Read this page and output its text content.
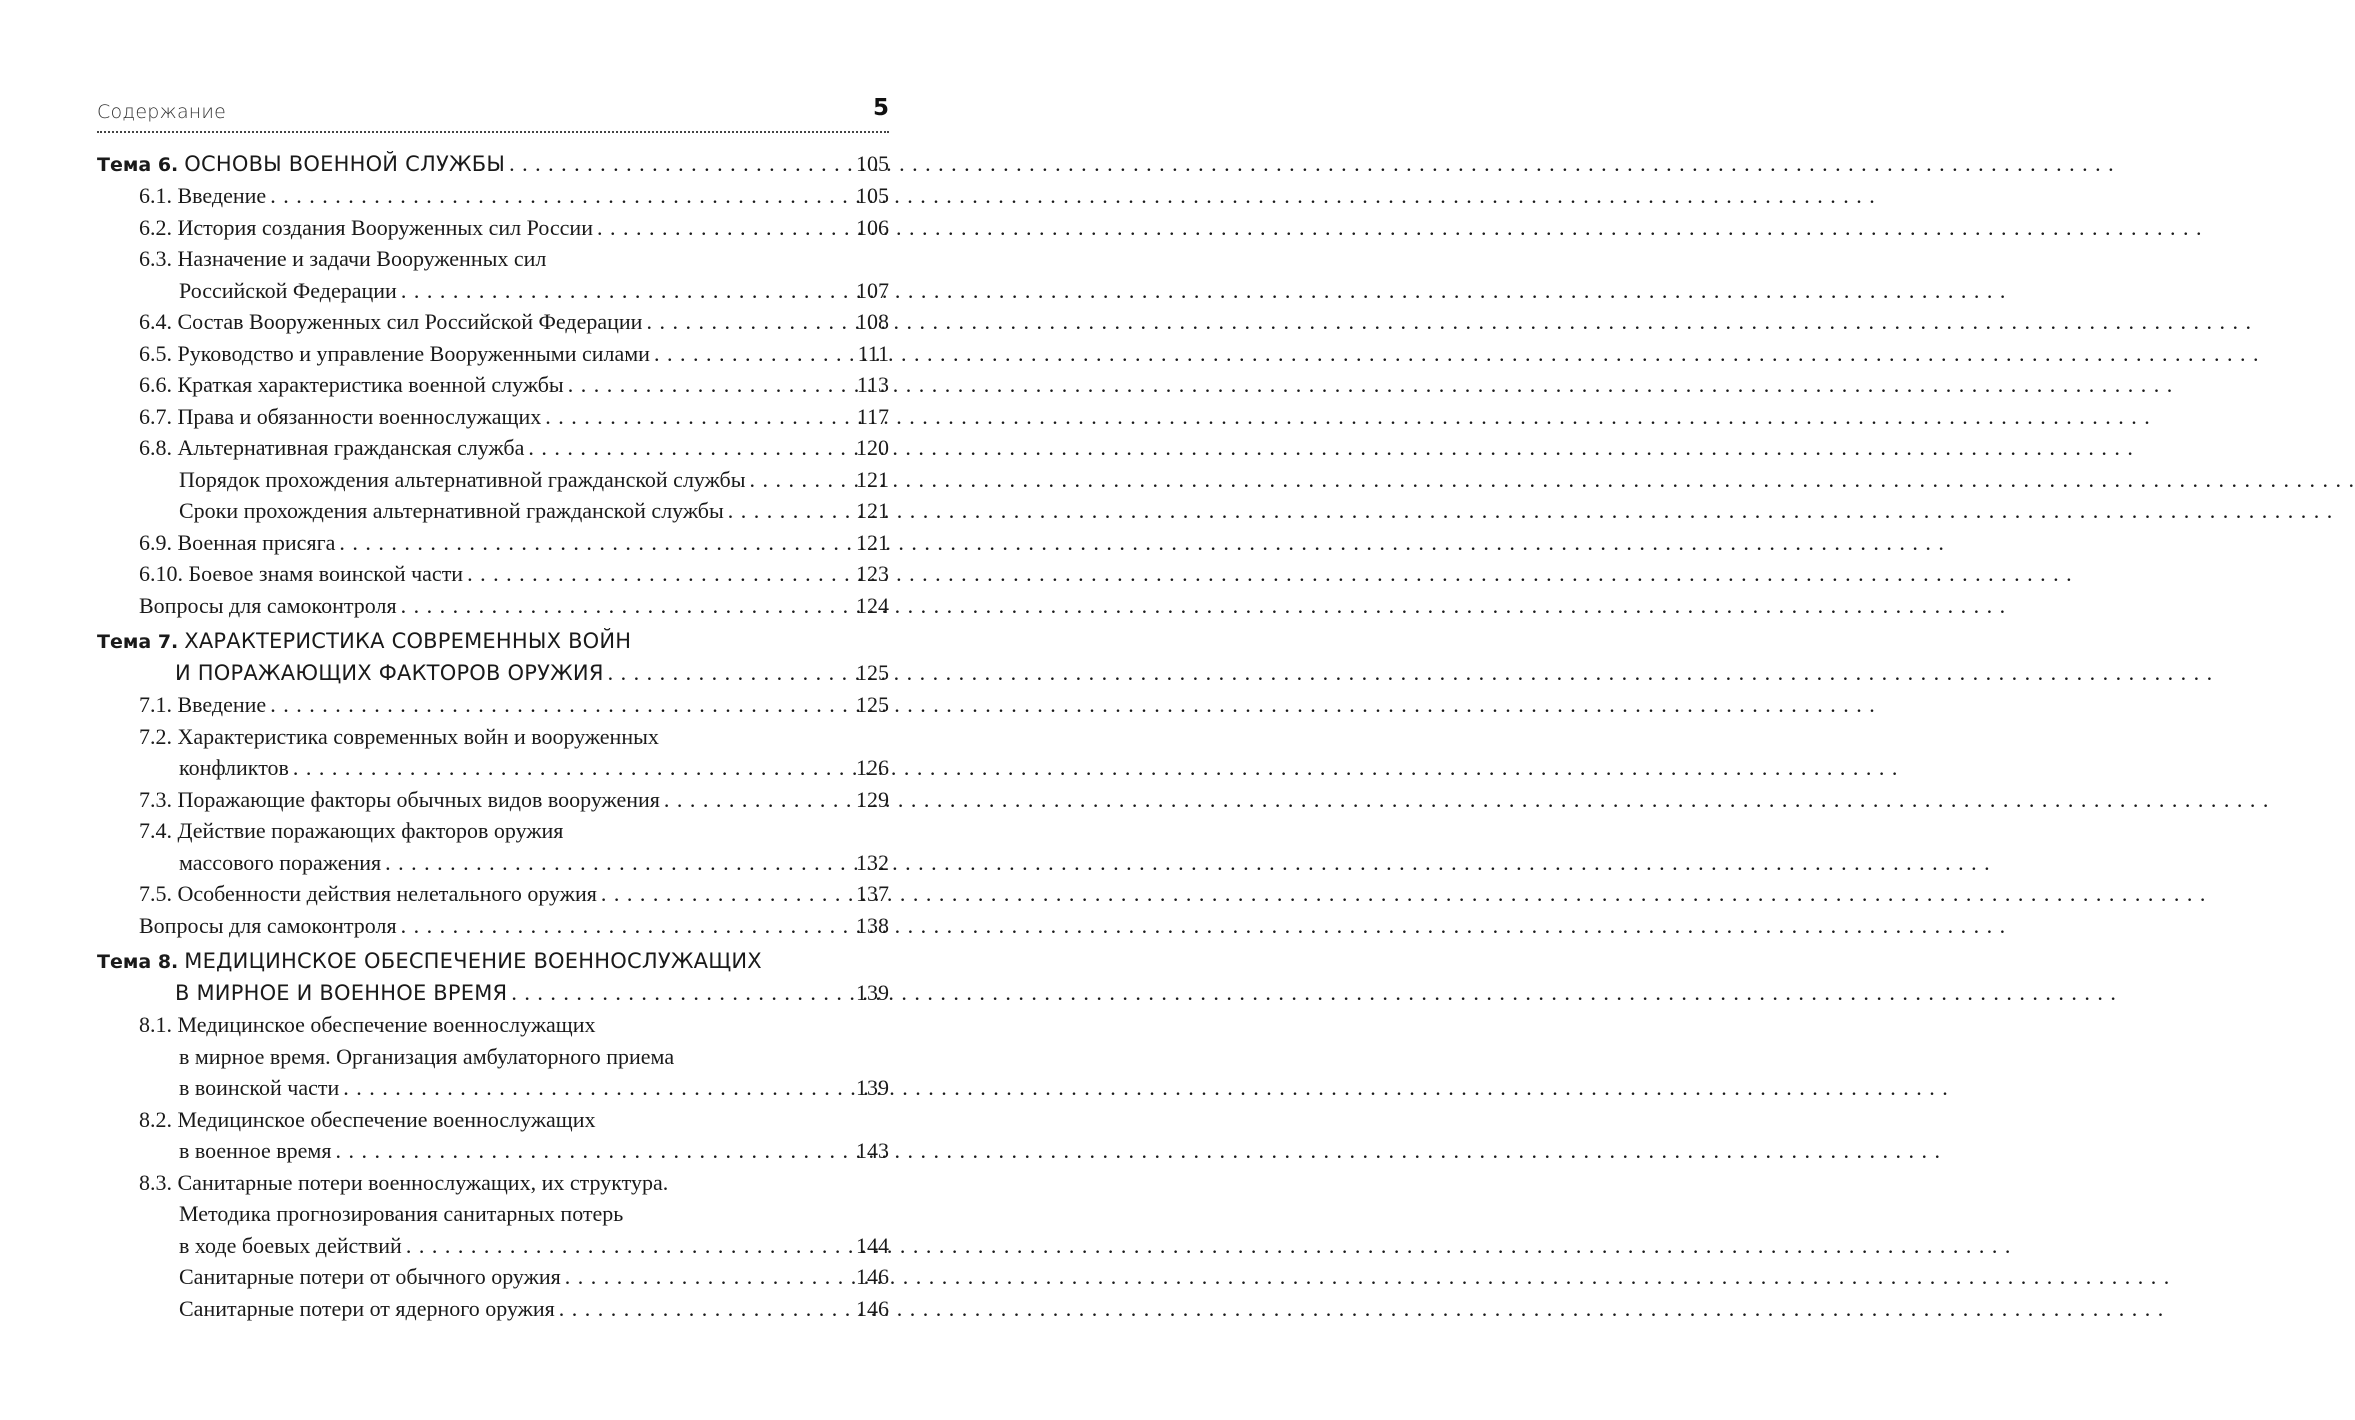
Содержание	5
Тема 6. ОСНОВЫ ВОЕННОЙ СЛУЖБЫ . . .	105
6.1. Введение . . .	105
6.2. История создания Вооруженных сил России . . .	106
6.3. Назначение и задачи Вооруженных сил
Российской Федерации . . .	107
6.4. Состав Вооруженных сил Российской Федерации . . .	108
6.5. Руководство и управление Вооруженными силами . . .	111
6.6. Краткая характеристика военной службы . . .	113
6.7. Права и обязанности военнослужащих . . .	117
6.8. Альтернативная гражданская служба . . .	120
Порядок прохождения альтернативной гражданской службы . . .	121
Сроки прохождения альтернативной гражданской службы . . .	121
6.9. Военная присяга . . .	121
6.10. Боевое знамя воинской части . . .	123
Вопросы для самоконтроля . . .	124
Тема 7. ХАРАКТЕРИСТИКА СОВРЕМЕННЫХ ВОЙН
И ПОРАЖАЮЩИХ ФАКТОРОВ ОРУЖИЯ . . .	125
7.1. Введение . . .	125
7.2. Характеристика современных войн и вооруженных
конфликтов . . .	126
7.3. Поражающие факторы обычных видов вооружения . . .	129
7.4. Действие поражающих факторов оружия
массового поражения . . .	132
7.5. Особенности действия нелетального оружия . . .	137
Вопросы для самоконтроля . . .	138
Тема 8. МЕДИЦИНСКОЕ ОБЕСПЕЧЕНИЕ ВОЕННОСЛУЖАЩИХ
В МИРНОЕ И ВОЕННОЕ ВРЕМЯ . . .	139
8.1. Медицинское обеспечение военнослужащих
в мирное время. Организация амбулаторного приема
в воинской части . . .	139
8.2. Медицинское обеспечение военнослужащих
в военное время . . .	143
8.3. Санитарные потери военнослужащих, их структура.
Методика прогнозирования санитарных потерь
в ходе боевых действий . . .	144
Санитарные потери от обычного оружия . . .	146
Санитарные потери от ядерного оружия . . .	146
